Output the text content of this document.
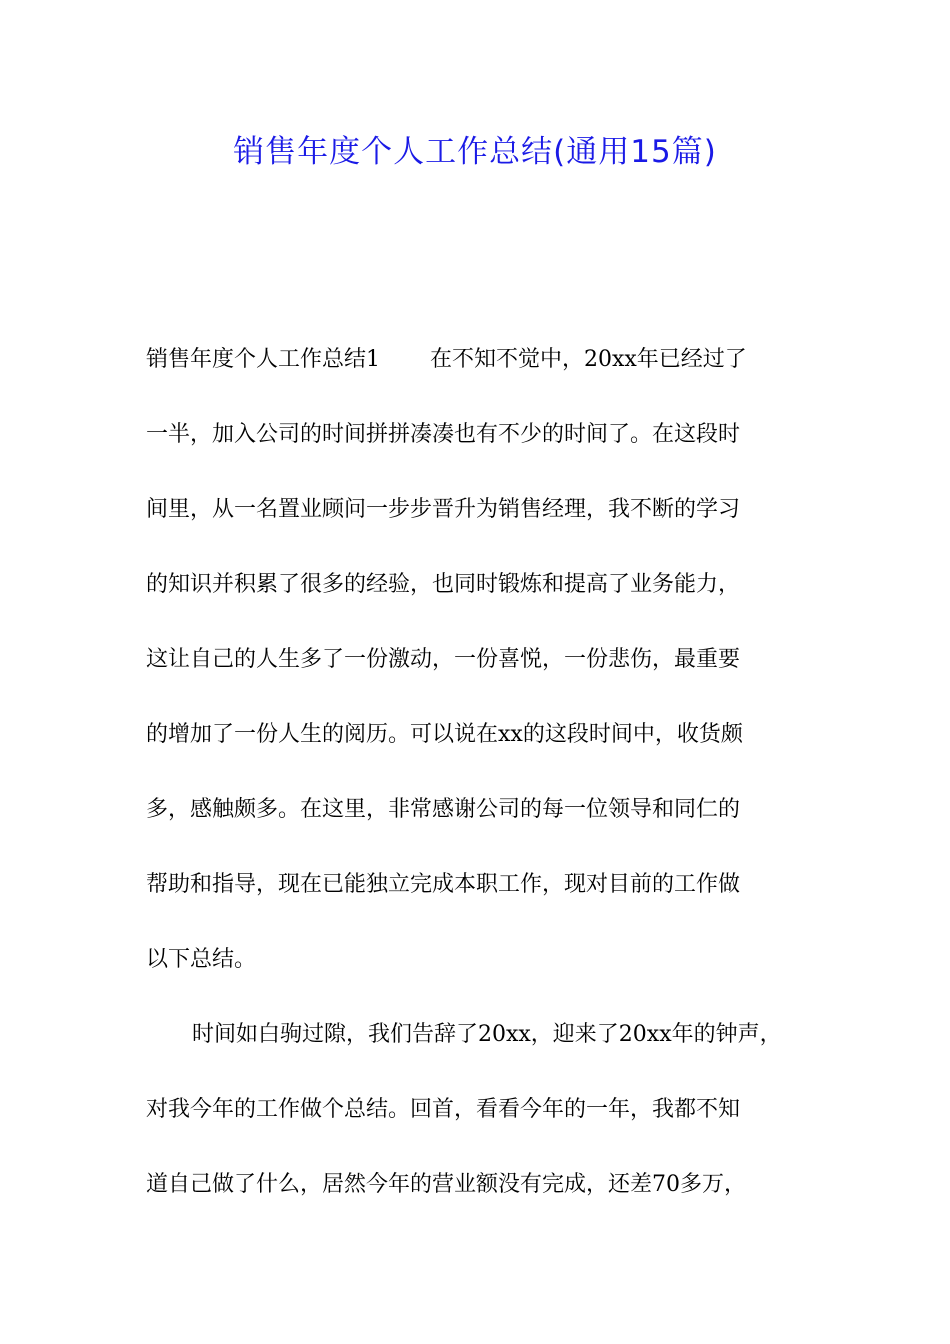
销售年度个人工作总结(通用15篇)
销售年度个人工作总结1 在不知不觉中，20xx年已经过了
一半，加入公司的时间拼拼凑凑也有不少的时间了。在这段时
间里，从一名置业顾问一步步晋升为销售经理，我不断的学习
的知识并积累了很多的经验，也同时锻炼和提高了业务能力，
这让自己的人生多了一份激动，一份喜悦，一份悲伤，最重要
的增加了一份人生的阅历。可以说在xx的这段时间中，收货颇
多，感触颇多。在这里，非常感谢公司的每一位领导和同仁的
帮助和指导，现在已能独立完成本职工作，现对目前的工作做
以下总结。
时间如白驹过隙，我们告辞了20xx，迎来了20xx年的钟声，
对我今年的工作做个总结。回首，看看今年的一年，我都不知
道自己做了什么，居然今年的营业额没有完成，还差70多万，
